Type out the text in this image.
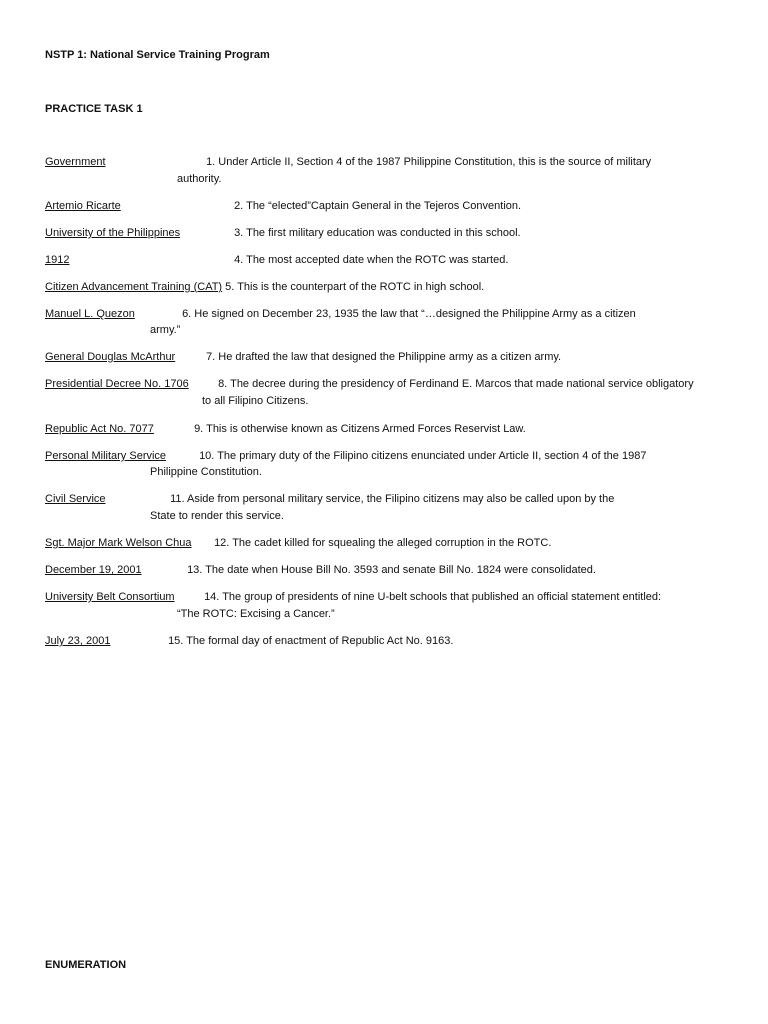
NSTP 1: National Service Training Program
PRACTICE TASK 1
Government	1. Under Article II, Section 4 of the 1987 Philippine Constitution, this is the source of military
authority.
Artemio Ricarte	2. The “elected”Captain General in the Tejeros Convention.
University of the Philippines	3. The first military education was conducted in this school.
1912	4. The most accepted date when the ROTC was started.
Citizen Advancement Training (CAT) 5. This is the counterpart of the ROTC in high school.
Manuel L. Quezon	6. He signed on December 23, 1935 the law that “…designed the Philippine Army as a citizen
army.”
General Douglas McArthur	7. He drafted the law that designed the Philippine army as a citizen army.
Presidential Decree No. 1706	8. The decree during the presidency of Ferdinand E. Marcos that made national service obligatory
to all Filipino Citizens.
Republic Act No. 7077	9. This is otherwise known as Citizens Armed Forces Reservist Law.
Personal Military Service	10. The primary duty of the Filipino citizens enunciated under Article II, section 4 of the 1987
Philippine Constitution.
Civil Service	11. Aside from personal military service, the Filipino citizens may also be called upon by the
State to render this service.
Sgt. Major Mark Welson Chua 12. The cadet killed for squealing the alleged corruption in the ROTC.
December 19, 2001	13. The date when House Bill No. 3593 and senate Bill No. 1824 were consolidated.
University Belt Consortium	14. The group of presidents of nine U-belt schools that published an official statement entitled:
“The ROTC: Excising a Cancer.”
July 23, 2001	15. The formal day of enactment of Republic Act No. 9163.
ENUMERATION
